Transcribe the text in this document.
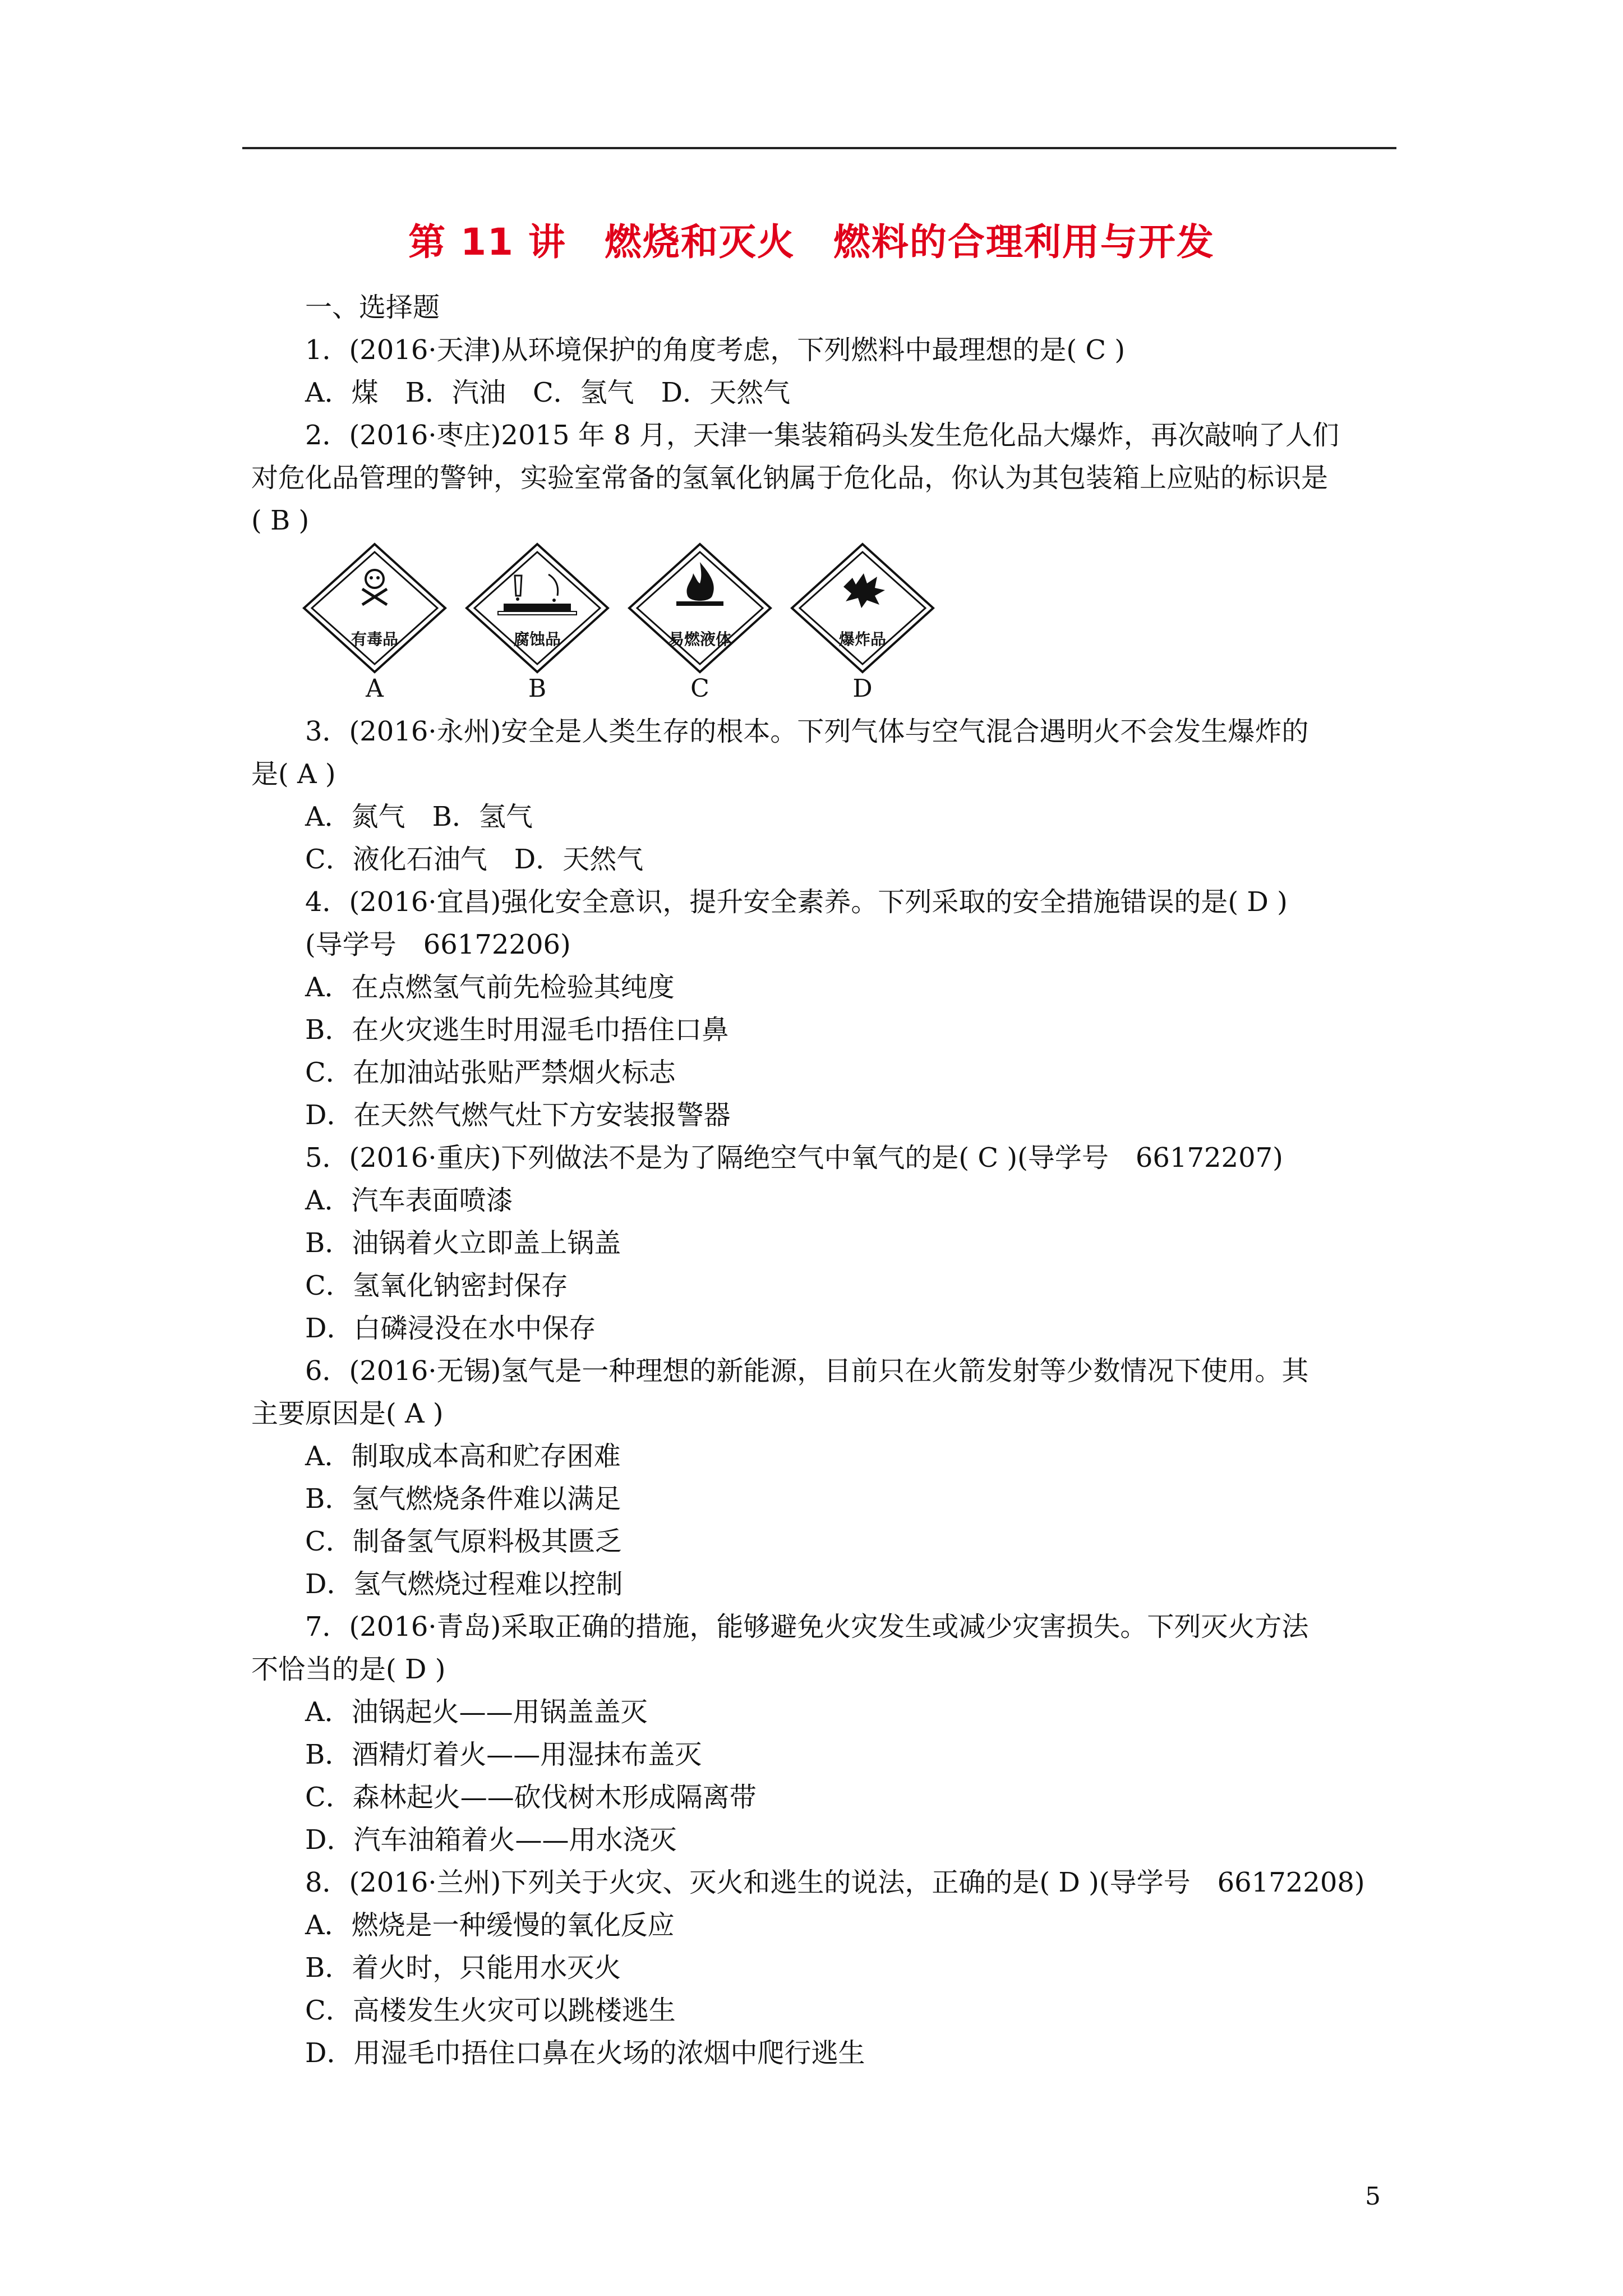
第 11 讲　燃烧和灭火　燃料的合理利用与开发
一、选择题
1．(2016·天津)从环境保护的角度考虑，下列燃料中最理想的是( C )
A．煤　B．汽油　C．氢气　D．天然气
2．(2016·枣庄)2015 年 8 月，天津一集装箱码头发生危化品大爆炸，再次敲响了人们
对危化品管理的警钟，实验室常备的氢氧化钠属于危化品，你认为其包装箱上应贴的标识是
( B )
有毒品
A
腐蚀品
B
易燃液体
C
爆炸品
D
3．(2016·永州)安全是人类生存的根本。下列气体与空气混合遇明火不会发生爆炸的
是( A )
A．氮气　B．氢气
C．液化石油气　D．天然气
4．(2016·宜昌)强化安全意识，提升安全素养。下列采取的安全措施错误的是( D )
(导学号　66172206)
A．在点燃氢气前先检验其纯度
B．在火灾逃生时用湿毛巾捂住口鼻
C．在加油站张贴严禁烟火标志
D．在天然气燃气灶下方安装报警器
5．(2016·重庆)下列做法不是为了隔绝空气中氧气的是( C )(导学号　66172207)
A．汽车表面喷漆
B．油锅着火立即盖上锅盖
C．氢氧化钠密封保存
D．白磷浸没在水中保存
6．(2016·无锡)氢气是一种理想的新能源，目前只在火箭发射等少数情况下使用。其
主要原因是( A )
A．制取成本高和贮存困难
B．氢气燃烧条件难以满足
C．制备氢气原料极其匮乏
D．氢气燃烧过程难以控制
7．(2016·青岛)采取正确的措施，能够避免火灾发生或减少灾害损失。下列灭火方法
不恰当的是( D )
A．油锅起火——用锅盖盖灭
B．酒精灯着火——用湿抹布盖灭
C．森林起火——砍伐树木形成隔离带
D．汽车油箱着火——用水浇灭
8．(2016·兰州)下列关于火灾、灭火和逃生的说法，正确的是( D )(导学号　66172208)
A．燃烧是一种缓慢的氧化反应
B．着火时，只能用水灭火
C．高楼发生火灾可以跳楼逃生
D．用湿毛巾捂住口鼻在火场的浓烟中爬行逃生
5
